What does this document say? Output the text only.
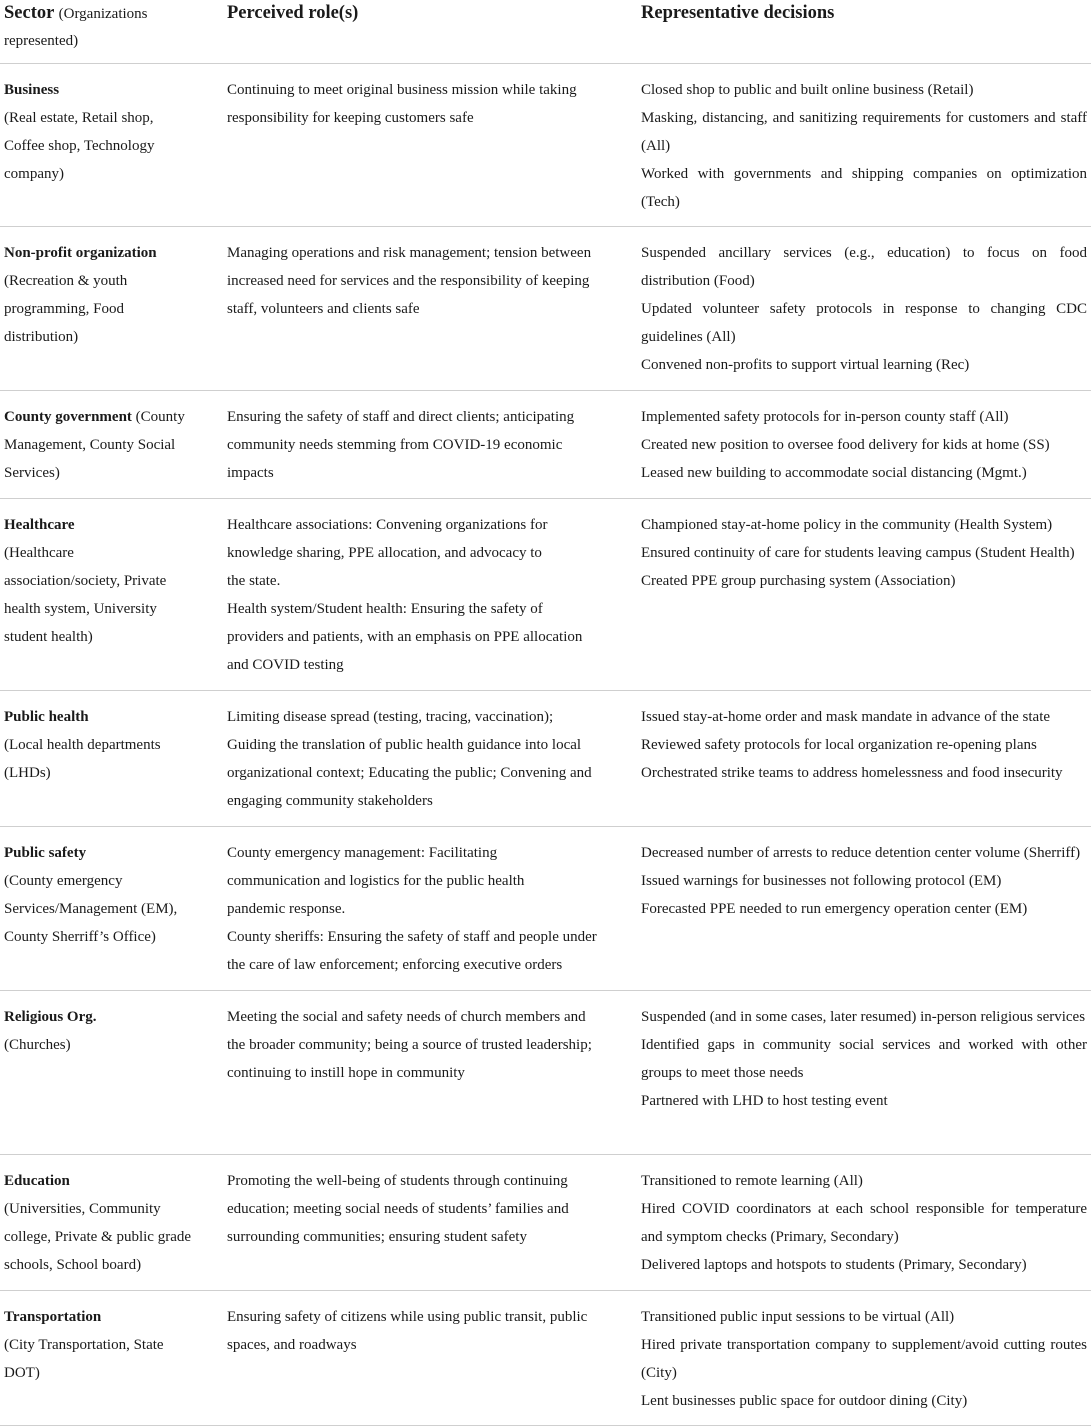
Sector (Organizations represented)
Perceived role(s)	Representative decisions
Business
(Real estate, Retail shop,
Coffee shop, Technology
company)
Continuing to meet original business mission while taking
responsibility for keeping customers safe
Closed shop to public and built online business (Retail)
Masking, distancing, and sanitizing requirements for customers and staff (All)
Worked with governments and shipping companies on optimization (Tech)
Non-profit organization
(Recreation & youth
programming, Food
distribution)
Managing operations and risk management; tension between
increased need for services and the responsibility of keeping
staff, volunteers and clients safe
Suspended ancillary services (e.g., education) to focus on food distribution (Food)
Updated volunteer safety protocols in response to changing CDC guidelines (All)
Convened non-profits to support virtual learning (Rec)
County government (County
Management, County Social
Services)
Ensuring the safety of staff and direct clients; anticipating
community needs stemming from COVID-19 economic
impacts
Implemented safety protocols for in-person county staff (All)
Created new position to oversee food delivery for kids at home (SS)
Leased new building to accommodate social distancing (Mgmt.)
Healthcare
(Healthcare
association/society, Private
health system, University
student health)
Healthcare associations: Convening organizations for
knowledge sharing, PPE allocation, and advocacy to
the state.
Health system/Student health: Ensuring the safety of
providers and patients, with an emphasis on PPE allocation
and COVID testing
Championed stay-at-home policy in the community (Health System)
Ensured continuity of care for students leaving campus (Student Health)
Created PPE group purchasing system (Association)
Public health
(Local health departments
(LHDs)
Limiting disease spread (testing, tracing, vaccination);
Guiding the translation of public health guidance into local
organizational context; Educating the public; Convening and
engaging community stakeholders
Issued stay-at-home order and mask mandate in advance of the state
Reviewed safety protocols for local organization re-opening plans
Orchestrated strike teams to address homelessness and food insecurity
Public safety
(County emergency
Services/Management (EM),
County Sherriff’s Office)
County emergency management: Facilitating
communication and logistics for the public health
pandemic response.
County sheriffs: Ensuring the safety of staff and people under
the care of law enforcement; enforcing executive orders
Decreased number of arrests to reduce detention center volume (Sherriff)
Issued warnings for businesses not following protocol (EM)
Forecasted PPE needed to run emergency operation center (EM)
Religious Org.
(Churches)
Meeting the social and safety needs of church members and
the broader community; being a source of trusted leadership;
continuing to instill hope in community
Suspended (and in some cases, later resumed) in-person religious services
Identified gaps in community social services and worked with other groups to meet those needs
Partnered with LHD to host testing event
Education
(Universities, Community
college, Private & public grade
schools, School board)
Promoting the well-being of students through continuing
education; meeting social needs of students’ families and
surrounding communities; ensuring student safety
Transitioned to remote learning (All)
Hired COVID coordinators at each school responsible for temperature and symptom checks (Primary, Secondary)
Delivered laptops and hotspots to students (Primary, Secondary)
Transportation
(City Transportation, State
DOT)
Ensuring safety of citizens while using public transit, public
spaces, and roadways
Transitioned public input sessions to be virtual (All)
Hired private transportation company to supplement/avoid cutting routes (City)
Lent businesses public space for outdoor dining (City)
